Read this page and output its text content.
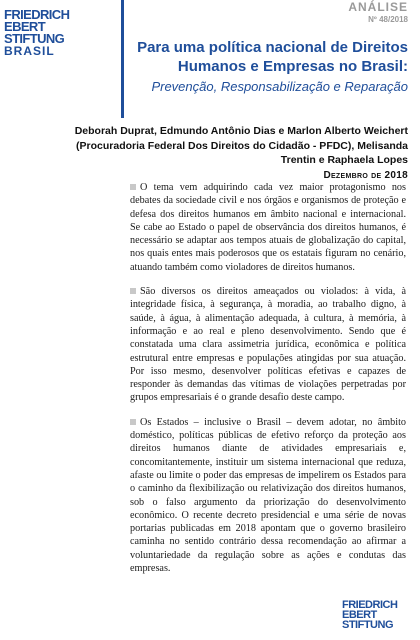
FRIEDRICH
EBERT
STIFTUNG
BRASIL
ANÁLISE
Nº 48/2018
Para uma política nacional de Direitos Humanos e Empresas no Brasil:
Prevenção, Responsabilização e Reparação
Deborah Duprat, Edmundo Antônio Dias e Marlon Alberto Weichert (Procuradoria Federal Dos Direitos do Cidadão - PFDC), Melisanda Trentin e Raphaela Lopes
Dezembro de 2018

O tema vem adquirindo cada vez maior protagonismo nos debates da sociedade civil e nos órgãos e organismos de proteção e defesa dos direitos humanos em âmbito nacional e internacional. Se cabe ao Estado o papel de observância dos direitos humanos, é necessário se adaptar aos tempos atuais de globalização do capital, nos quais entes mais poderosos que os estatais figuram no cenário, atuando também como violadores de direitos humanos.

São diversos os direitos ameaçados ou violados: à vida, à integridade física, à segurança, à moradia, ao trabalho digno, à saúde, à água, à alimentação adequada, à cultura, à memória, à informação e ao real e pleno desenvolvimento. Sendo que é constatada uma clara assimetria jurídica, econômica e política estrutural entre empresas e populações atingidas por sua atuação. Por isso mesmo, desenvolver políticas efetivas e capazes de responder às demandas das vítimas de violações perpetradas por grupos empresariais é o grande desafio deste campo.

Os Estados – inclusive o Brasil – devem adotar, no âmbito doméstico, políticas públicas de efetivo reforço da proteção aos direitos humanos diante de atividades empresariais e, concomitantemente, instituir um sistema internacional que reduza, afaste ou limite o poder das empresas de impelirem os Estados para o caminho da flexibilização ou relativização dos direitos humanos, sob o falso argumento da priorização do desenvolvimento econômico. O recente decreto presidencial e uma série de novas portarias publicadas em 2018 apontam que o governo brasileiro caminha no sentido contrário dessa recomendação ao afirmar a voluntariedade da regulação sobre as ações e condutas das empresas.

FRIEDRICH
EBERT
STIFTUNG
